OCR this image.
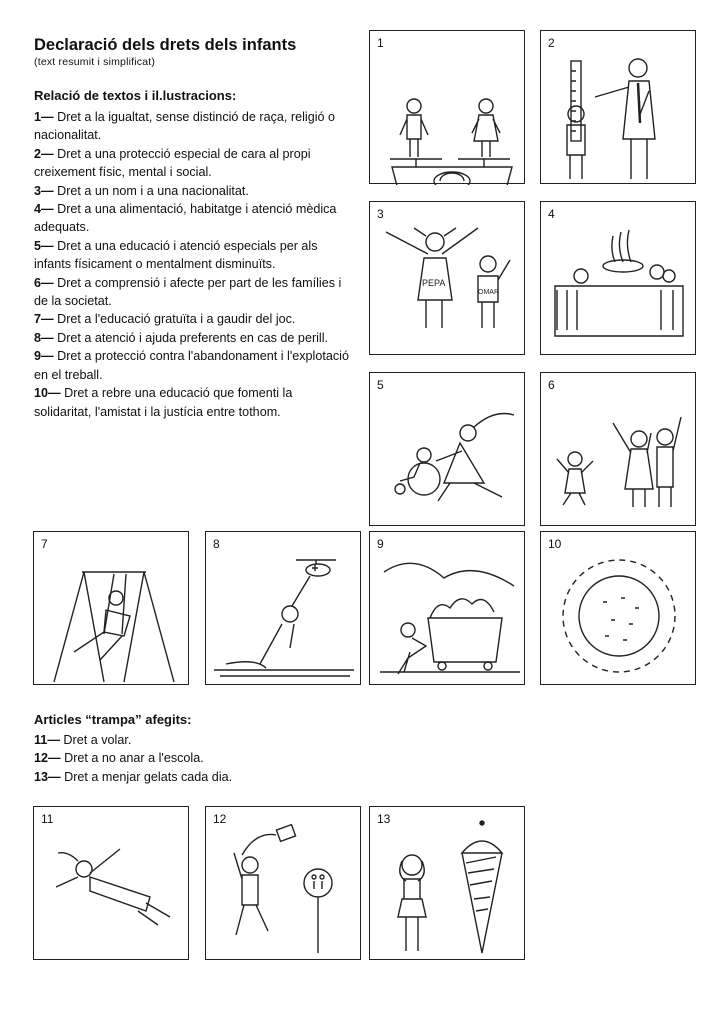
Declaració dels drets dels infants
(text resumit i simplificat)
Relació de textos i il.lustracions:

1— Dret a la igualtat, sense distinció de raça, religió o nacionalitat.

2— Dret a una protecció especial de cara al propi creixement físic, mental i social.

3— Dret a un nom i a una nacionalitat.

4— Dret a una alimentació, habitatge i atenció mèdica adequats.

5— Dret a una educació i atenció especials per als infants físicament o mentalment disminuïts.

6— Dret a comprensió i afecte per part de les famílies i de la societat.

7— Dret a l'educació gratuïta i a gaudir del joc.

8— Dret a atenció i ajuda preferents en cas de perill.

9— Dret a protecció contra l'abandonament i l'explotació en el treball.

10— Dret a rebre una educació que fomenti la solidaritat, l'amistat i la justícia entre tothom.

Articles “trampa” afegits:

11— Dret a volar.

12— Dret a no anar a l'escola.

13— Dret a menjar gelats cada dia.

1	2
3
PEPA
OMAR
4
5	6
7	8	9	10
11	12	13
